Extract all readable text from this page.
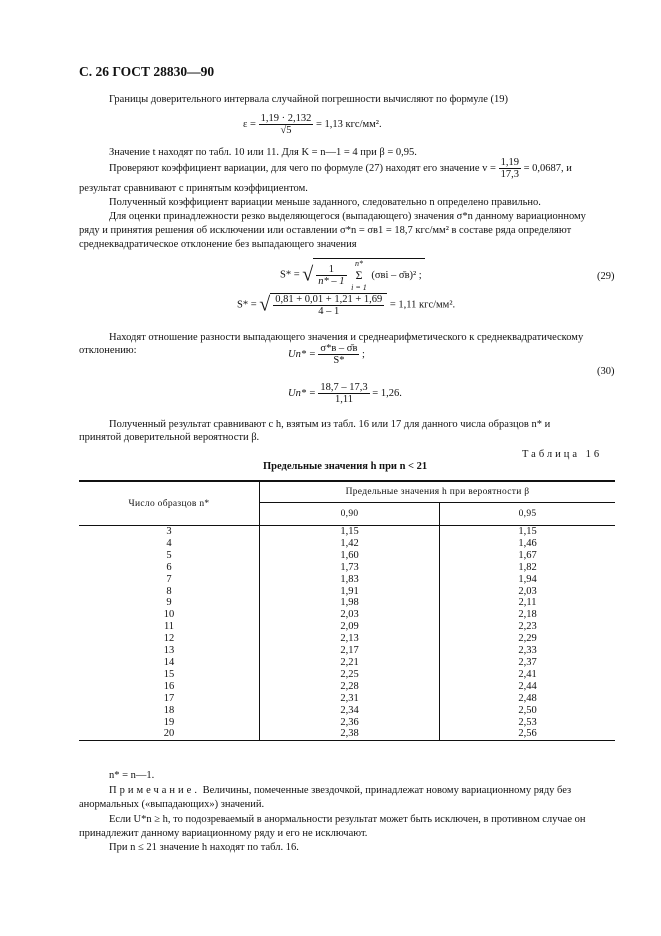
С. 26 ГОСТ 28830—90
Границы доверительного интервала случайной погрешности вычисляют по формуле (19)
$\varepsilon = \frac{1,19 \cdot 2,132}{√5} = 1,13$ кгс/мм².
Значение t находят по табл. 10 или 11. Для K = n—1 = 4 при β = 0,95.
Проверяют коэффициент вариации, для чего по формуле (27) находят его значение $v = \frac{1,19}{17,3} = 0,0687$, и
результат сравнивают с принятым коэффициентом.
Полученный коэффициент вариации меньше заданного, следовательно n определено правильно.
Для оценки принадлежности резко выделяющегося (выпадающего) значения σ*n данному вариационному
ряду и принятия решения об исключении или оставлении σ*n = σв1 = 18,7 кгс/мм² в составе ряда определяют
среднеквадратическое отклонение без выпадающего значения
S* = √ $\frac{1}{n* - 1}$

n*
Σ
i = 1
(σвi – σ̄в)² ;	(29)
S* = √ $\frac{0,81 + 0,01 + 1,21 + 1,69}{4 - 1} = 1,11$ кгс/мм².
Находят отношение разности выпадающего значения и среднеарифметического к среднеквадратическому
отклонению:	$Un* = \frac{\sigma*в - \sigmāв}{S*}$ ;
(30)
$Un* = \frac{18,7 - 17,3}{1,11} = 1,26$.
Полученный результат сравнивают с h, взятым из табл. 16 или 17 для данного числа образцов n* и
принятой доверительной вероятности β.
Таблица 16
Предельные значения h при n < 21
Число образцов n*	Предельные значения h при вероятности β	
	0,90	0,95
3	1,15	1,15
4	1,42	1,46
5	1,60	1,67
6	1,73	1,82
7	1,83	1,94
8	1,91	2,03
9	1,98	2,11
10	2,03	2,18
11	2,09	2,23
12	2,13	2,29
13	2,17	2,33
14	2,21	2,37
15	2,25	2,41
16	2,28	2,44
17	2,31	2,48
18	2,34	2,50
19	2,36	2,53
20	2,38	2,56
n* = n—1.
Примечание. Величины, помеченные звездочкой, принадлежат новому вариационному ряду без
анормальных («выпадающих») значений.
Если U*n ≥ h, то подозреваемый в анормальности результат может быть исключен, в противном случае он
принадлежит данному вариационному ряду и его не исключают.
При n ≤ 21 значение h находят по табл. 16.
